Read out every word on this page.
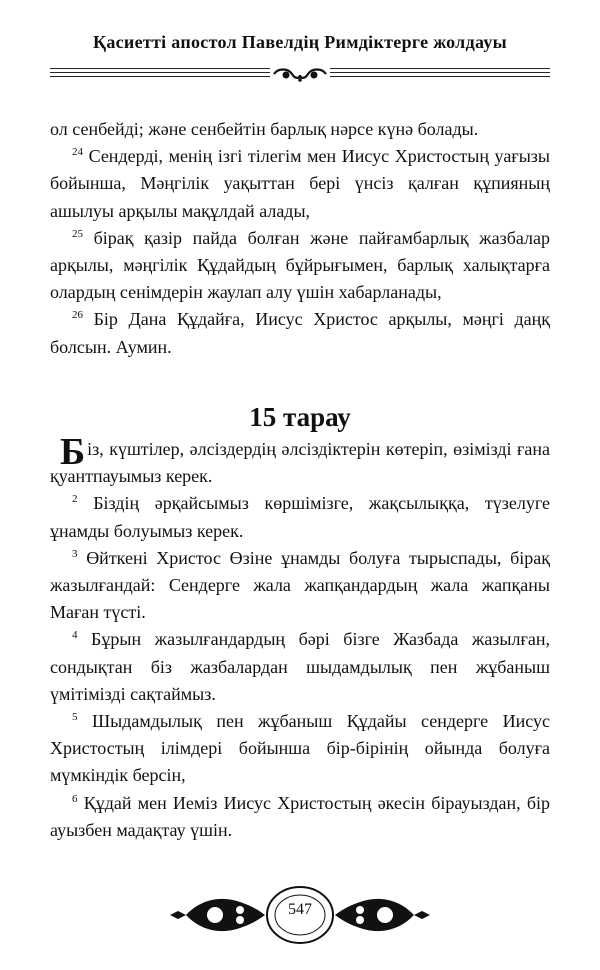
Қасиетті апостол Павелдің Римдіктерге жолдауы

ол сенбейді; және сенбейтін барлық нәрсе күнә болады.

$^{24}$ Сендерді, менің ізгі тілегім мен Иисус Христостың уағызы бойынша, Мәңгілік уақыттан бері үнсіз қалған құпияның ашылуы арқылы мақұлдай алады,

$^{25}$ бірақ қазір пайда болған және пайғамбарлық жазбалар арқылы, мәңгілік Құдайдың бұйрығымен, барлық халықтарға олардың сенімдерін жаулап алу үшін хабарланады,

$^{26}$ Бір Дана Құдайға, Иисус Христос арқылы, мәңгі даңқ болсын. Аумин.

15 тарау

Біз, күштілер, әлсіздердің әлсіздіктерін көтеріп, өзімізді ғана қуантпауымыз керек.

$^2$ Біздің әрқайсымыз көршімізге, жақсылыққа, түзелуге ұнамды болуымыз керек.

$^3$ Өйткені Христос Өзіне ұнамды болуға тырыспады, бірақ жазылғандай: Сендерге жала жапқандардың жала жапқаны Маған түсті.

$^4$ Бұрын жазылғандардың бәрі бізге Жазбада жазылған, сондықтан біз жазбалардан шыдамдылық пен жұбаныш үмітімізді сақтаймыз.

$^5$ Шыдамдылық пен жұбаныш Құдайы сендерге Иисус Христостың ілімдері бойынша бір-бірінің ойында болуға мүмкіндік берсін,

$^6$ Құдай мен Иеміз Иисус Христостың әкесін бірауыздан, бір ауызбен мадақтау үшін.

547
